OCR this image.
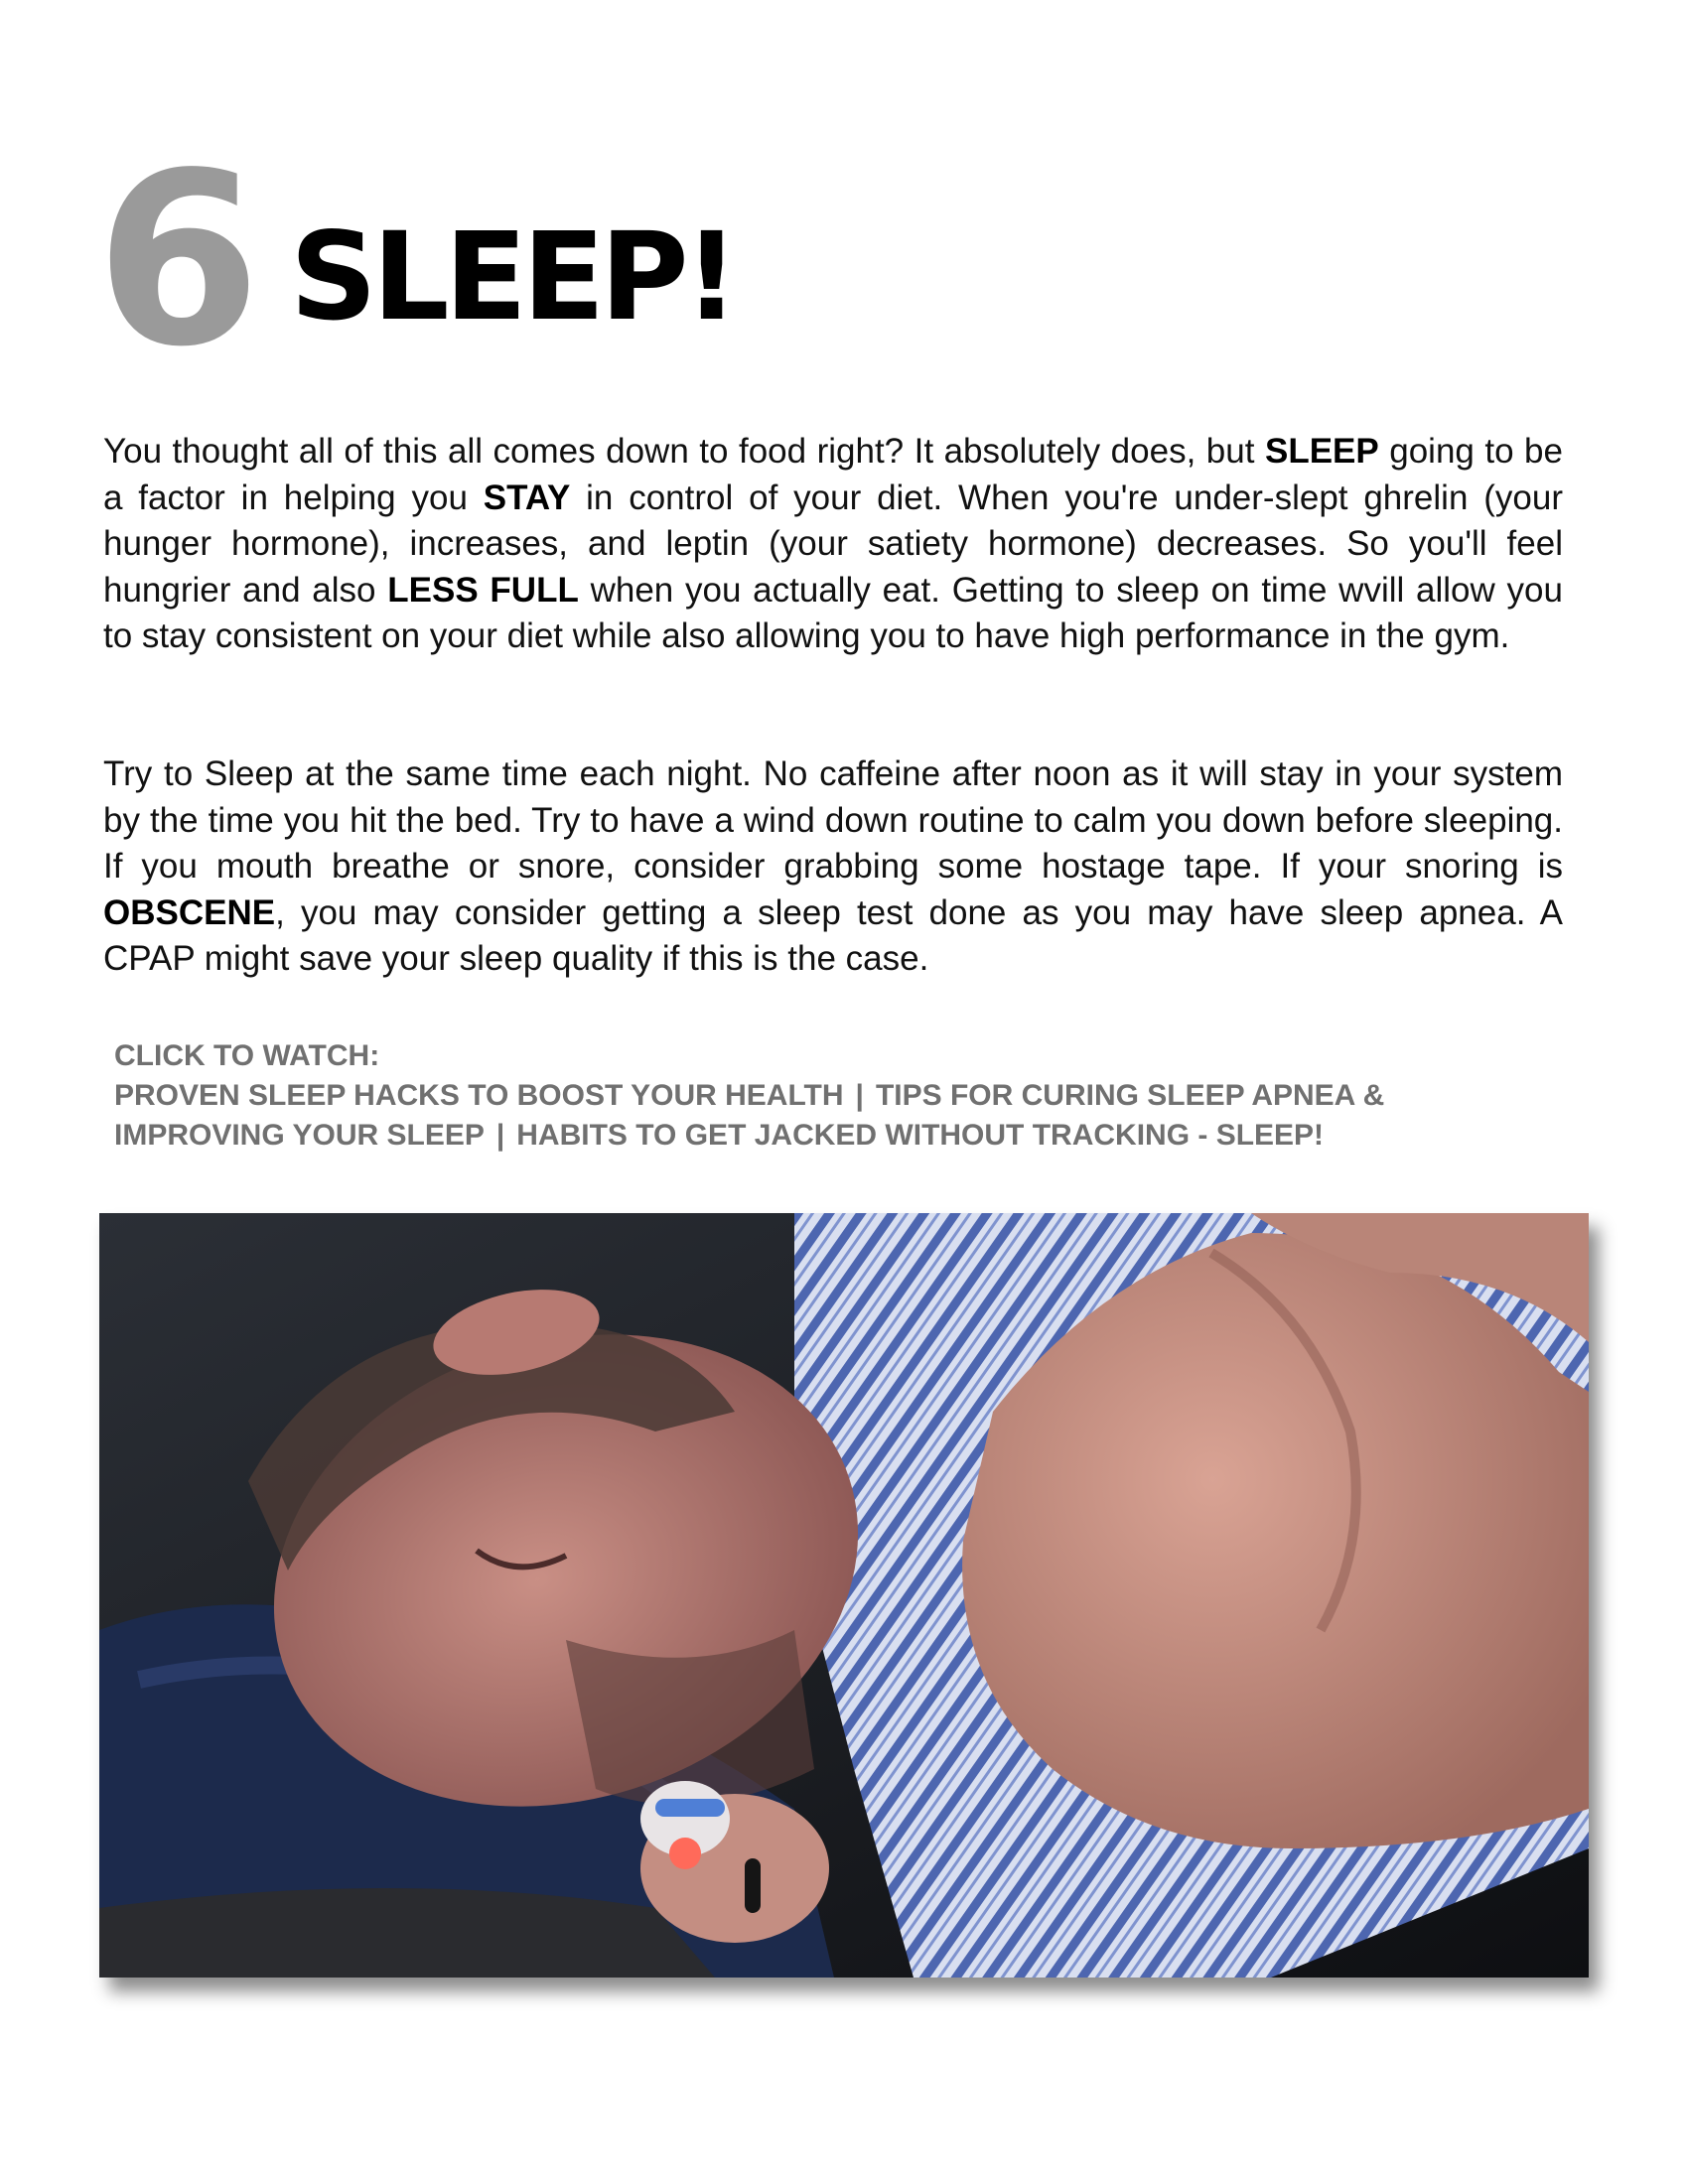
6 SLEEP!

You thought all of this all comes down to food right? It absolutely does, but SLEEP going to be a factor in helping you STAY in control of your diet. When you're under-slept ghrelin (your hunger hormone), increases, and leptin (your satiety hormone) decreases. So you'll feel hungrier and also LESS FULL when you actually eat. Getting to sleep on time wvill allow you to stay consistent on your diet while also allowing you to have high performance in the gym.

Try to Sleep at the same time each night. No caffeine after noon as it will stay in your system by the time you hit the bed. Try to have a wind down routine to calm you down before sleeping. If you mouth breathe or snore, consider grabbing some hostage tape. If your snoring is OBSCENE, you may consider getting a sleep test done as you may have sleep apnea. A CPAP might save your sleep quality if this is the case.

CLICK TO WATCH:
PROVEN SLEEP HACKS TO BOOST YOUR HEALTH | TIPS FOR CURING SLEEP APNEA & IMPROVING YOUR SLEEP | HABITS TO GET JACKED WITHOUT TRACKING - SLEEP!
